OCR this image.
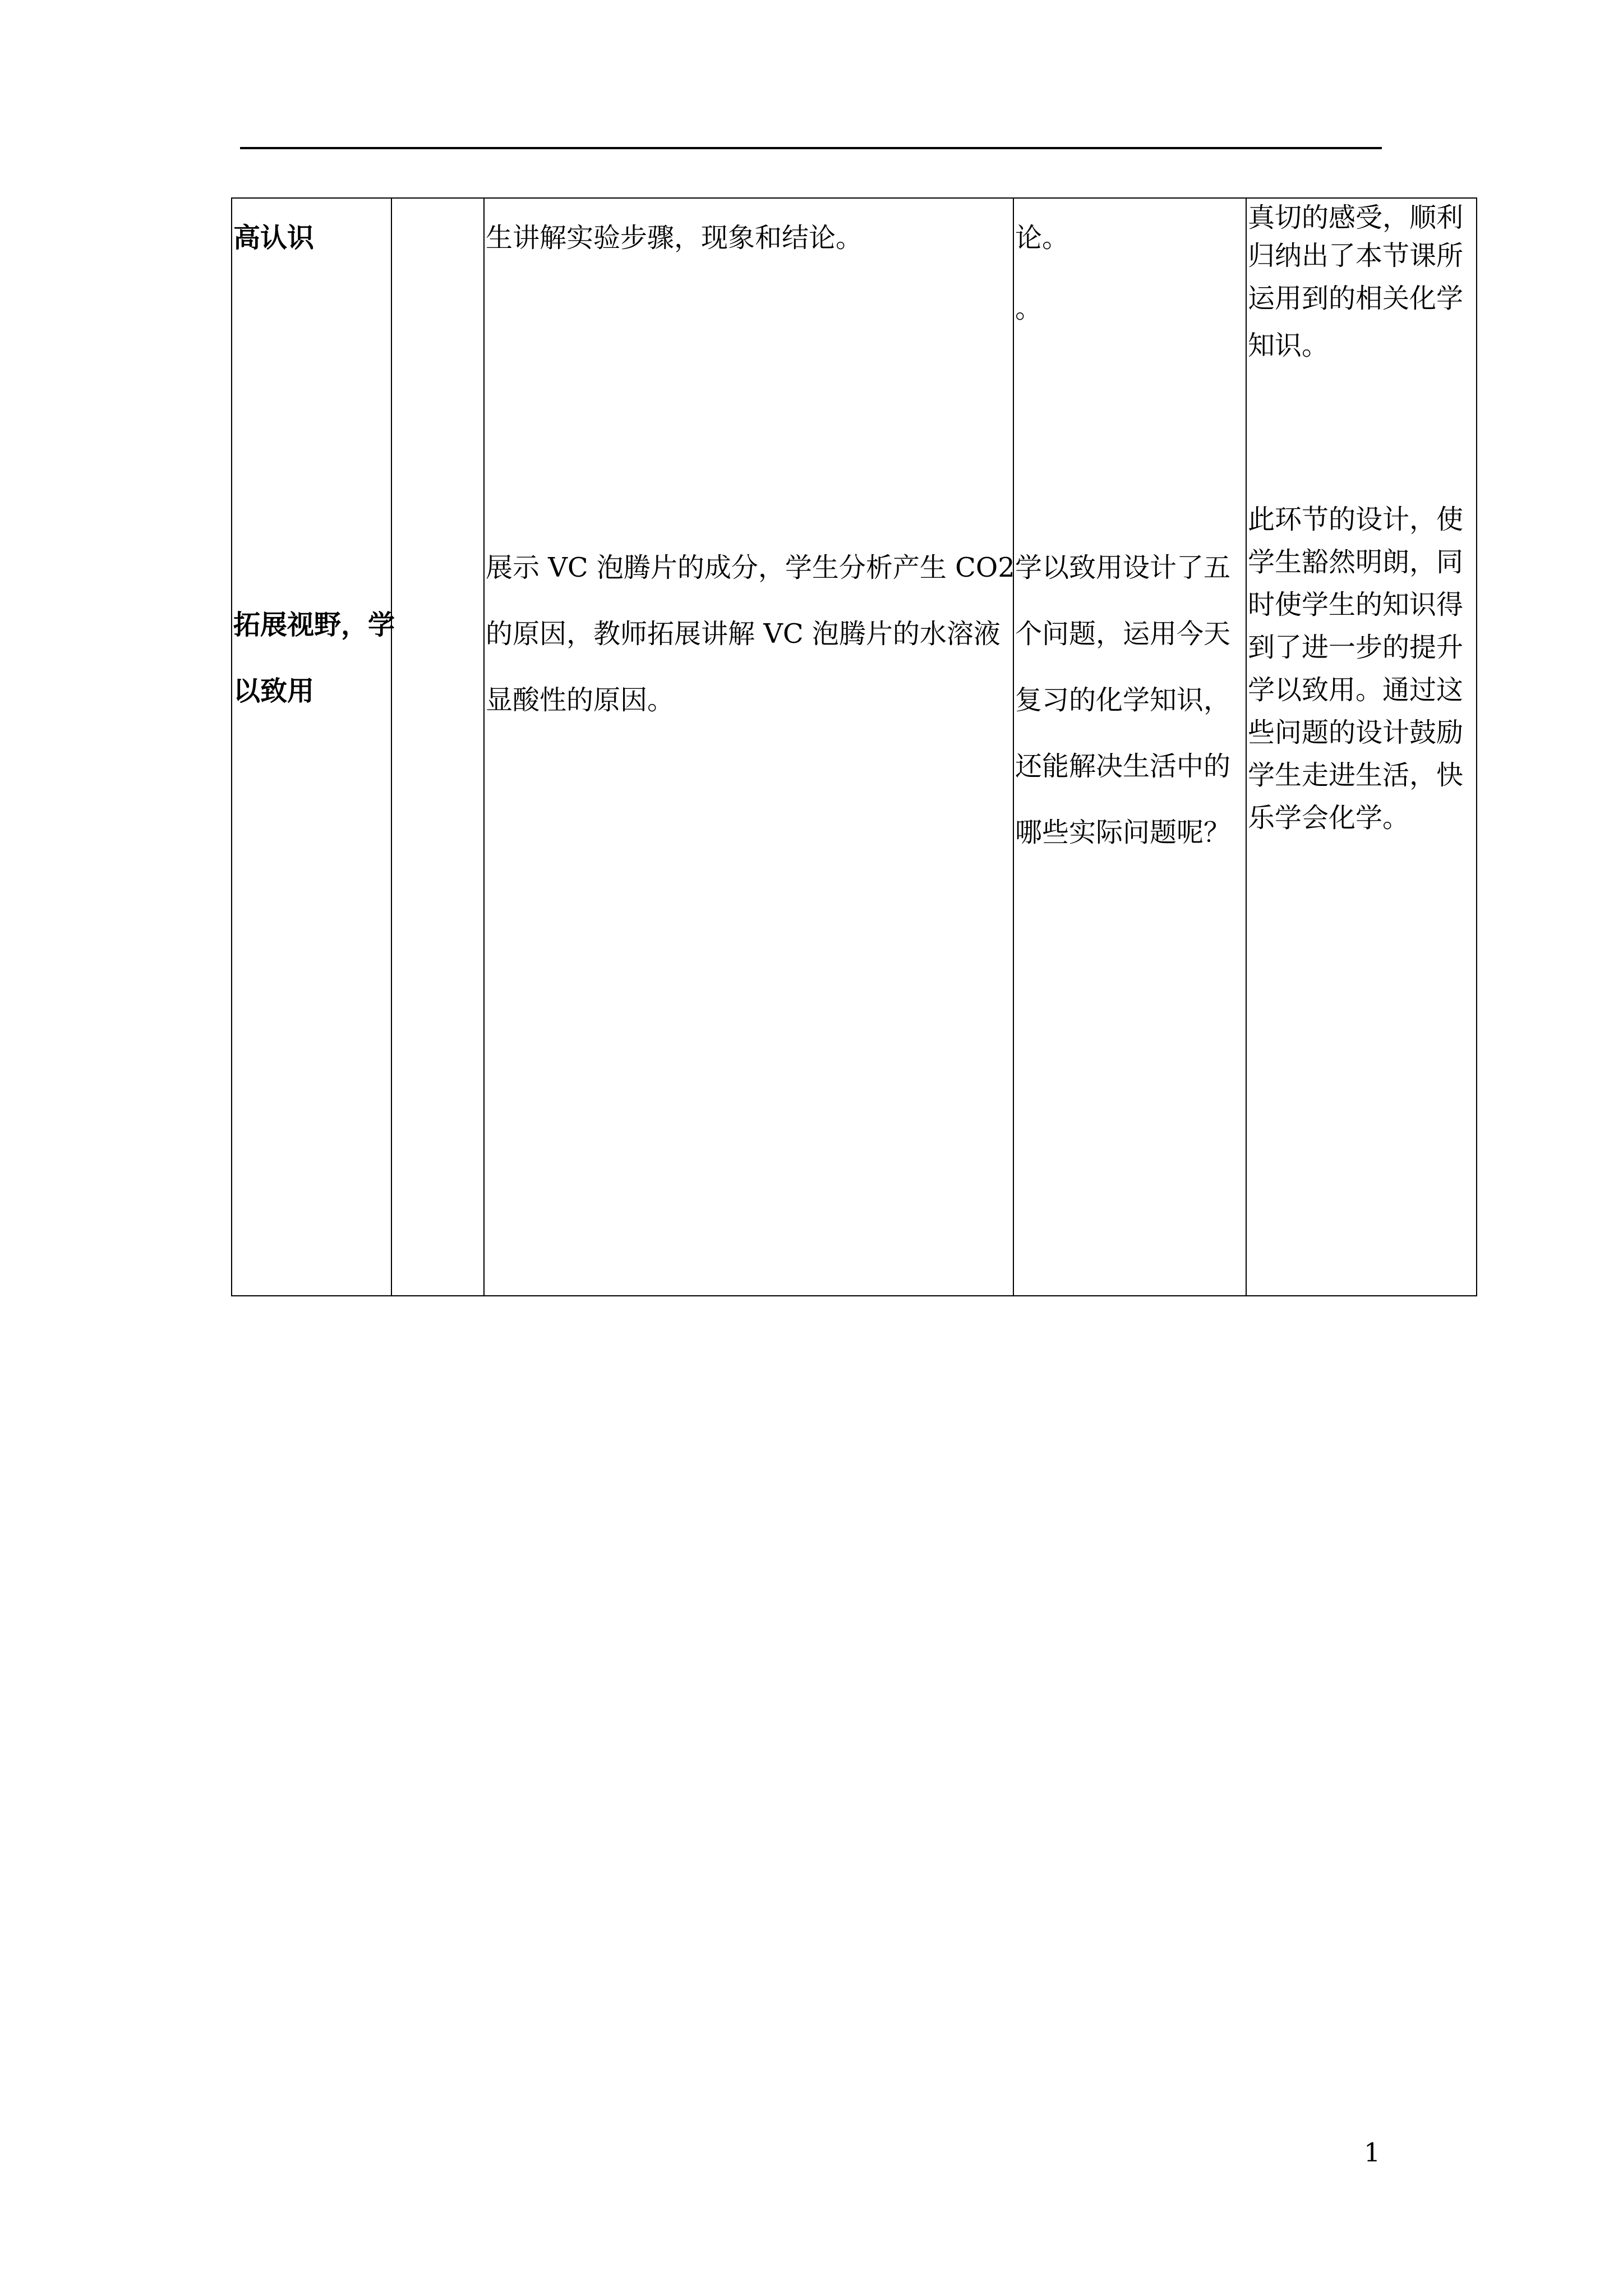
高认识	生讲解实验步骤，现象和结论。	论。
。
真切的感受，顺利
归纳出了本节课所
运用到的相关化学
知识。
拓展视野，学
以致用
展示 VC 泡腾片的成分，学生分析产生 CO2
的原因，教师拓展讲解 VC 泡腾片的水溶液
显酸性的原因。
学以致用设计了五
个问题，运用今天
复习的化学知识，
还能解决生活中的
哪些实际问题呢？
此环节的设计，使
学生豁然明朗，同
时使学生的知识得
到了进一步的提升
学以致用。通过这
些问题的设计鼓励
学生走进生活，快
乐学会化学。
1
